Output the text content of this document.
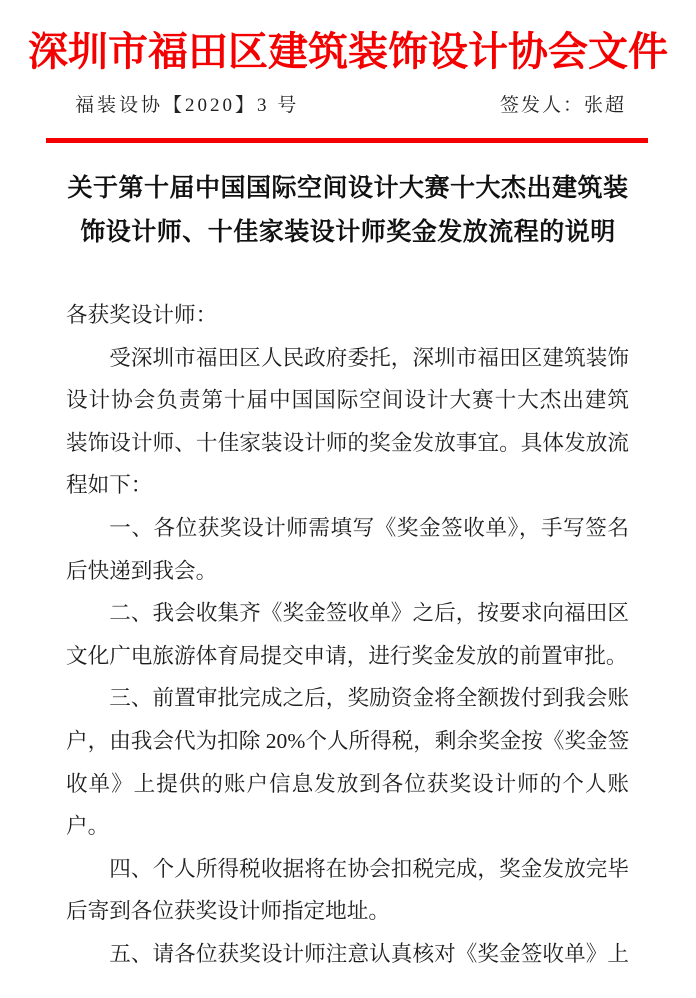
深圳市福田区建筑装饰设计协会文件
福装设协【2020】3 号	签发人：张超
关于第十届中国国际空间设计大赛十大杰出建筑装
饰设计师、十佳家装设计师奖金发放流程的说明
各获奖设计师：
受深圳市福田区人民政府委托，深圳市福田区建筑装饰
设计协会负责第十届中国国际空间设计大赛十大杰出建筑
装饰设计师、十佳家装设计师的奖金发放事宜。具体发放流
程如下：
一、各位获奖设计师需填写《奖金签收单》，手写签名
后快递到我会。
二、我会收集齐《奖金签收单》之后，按要求向福田区
文化广电旅游体育局提交申请，进行奖金发放的前置审批。
三、前置审批完成之后，奖励资金将全额拨付到我会账
户，由我会代为扣除 20%个人所得税，剩余奖金按《奖金签
收单》上提供的账户信息发放到各位获奖设计师的个人账
户。
四、个人所得税收据将在协会扣税完成，奖金发放完毕
后寄到各位获奖设计师指定地址。
五、请各位获奖设计师注意认真核对《奖金签收单》上
